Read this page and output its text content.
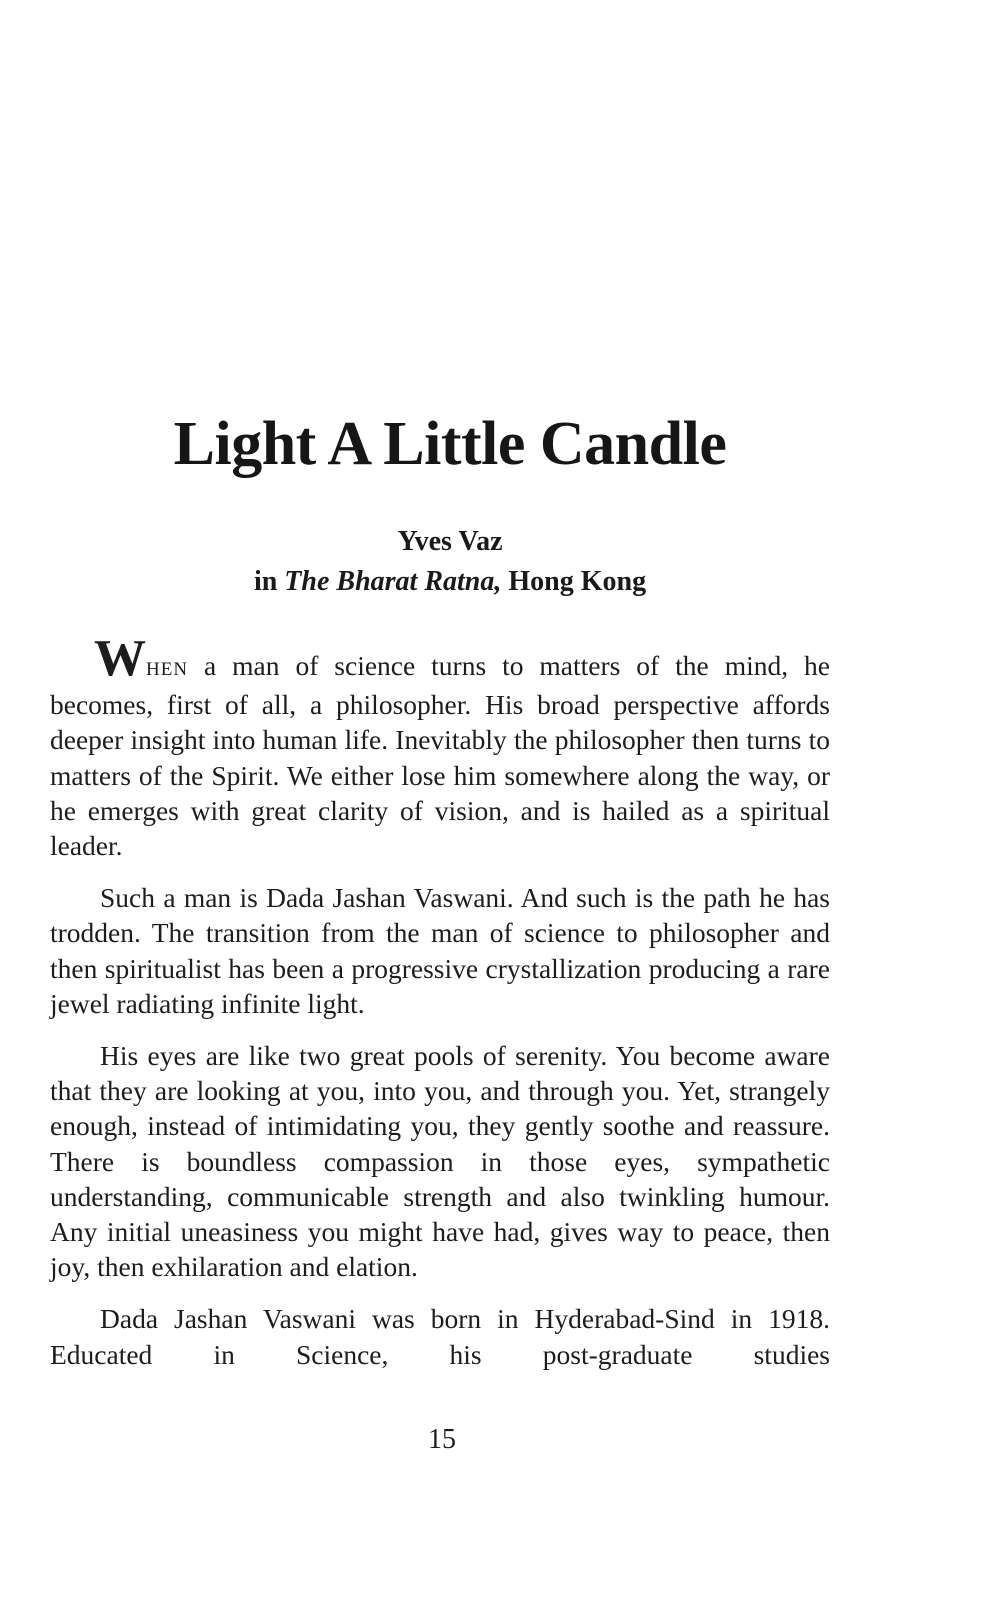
Light A Little Candle
Yves Vaz
in The Bharat Ratna, Hong Kong

WHEN a man of science turns to matters of the mind, he becomes, first of all, a philosopher. His broad perspective affords deeper insight into human life. Inevitably the philosopher then turns to matters of the Spirit. We either lose him somewhere along the way, or he emerges with great clarity of vision, and is hailed as a spiritual leader.

Such a man is Dada Jashan Vaswani. And such is the path he has trodden. The transition from the man of science to philosopher and then spiritualist has been a progressive crystallization producing a rare jewel radiating infinite light.

His eyes are like two great pools of serenity. You become aware that they are looking at you, into you, and through you. Yet, strangely enough, instead of intimidating you, they gently soothe and reassure. There is boundless compassion in those eyes, sympathetic understanding, communicable strength and also twinkling humour. Any initial uneasiness you might have had, gives way to peace, then joy, then exhilaration and elation.

Dada Jashan Vaswani was born in Hyderabad-Sind in 1918. Educated in Science, his post-graduate studies

15
